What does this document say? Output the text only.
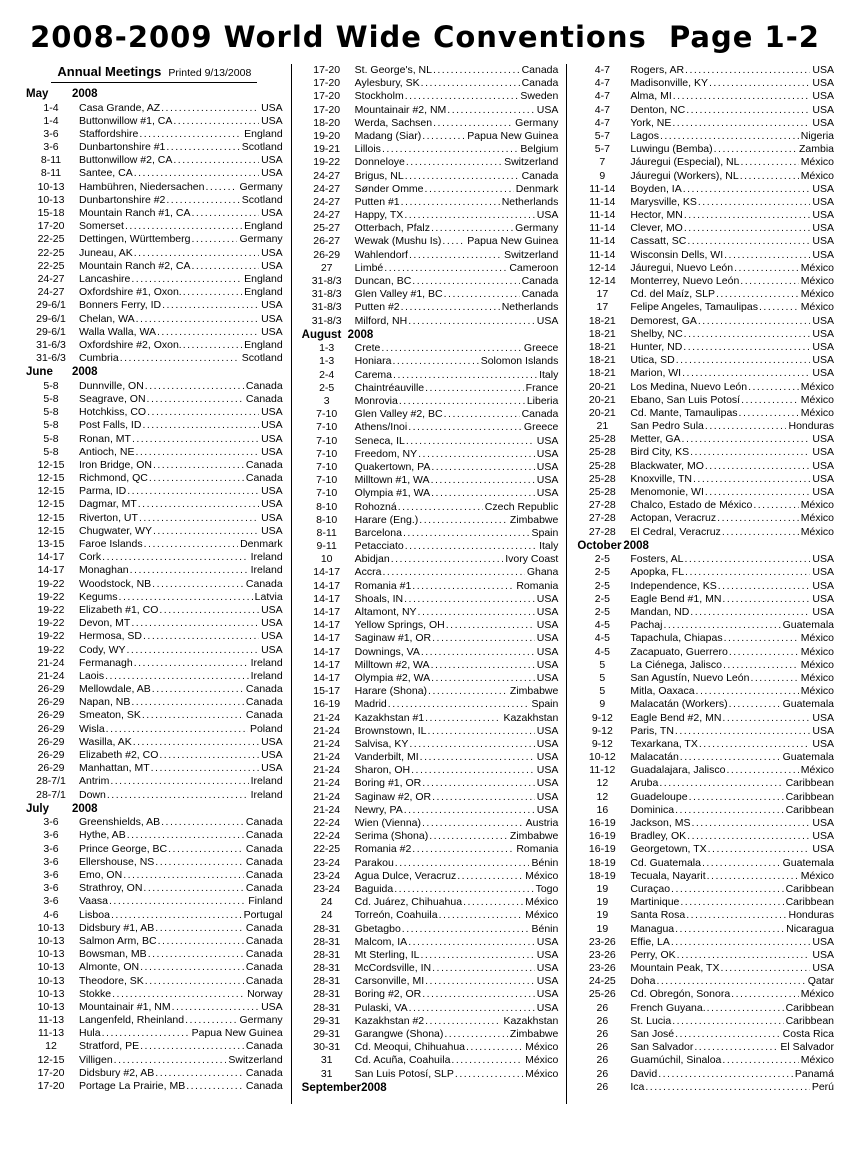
2008-2009 World Wide Conventions  Page 1-2
Annual Meetings Printed 9/13/2008
May 2008
1-4	Casa Grande, AZ .....	USA
1-4	Buttonwillow #1, CA .....	USA
3-6	Staffordshire .....	England
3-6	Dunbartonshire #1 .....	Scotland
8-11	Buttonwillow #2, CA .....	USA
8-11	Santee, CA .....	USA
10-13	Hambühren, Niedersachen .....	Germany
10-13	Dunbartonshire #2 .....	Scotland
15-18	Mountain Ranch #1, CA .....	USA
17-20	Somerset .....	England
22-25	Dettingen, Württemberg .....	Germany
22-25	Juneau, AK .....	USA
22-25	Mountain Ranch #2, CA .....	USA
24-27	Lancashire .....	England
24-27	Oxfordshire #1, Oxon. .....	England
29-6/1	Bonners Ferry, ID .....	USA
29-6/1	Chelan, WA .....	USA
29-6/1	Walla Walla, WA .....	USA
31-6/3	Oxfordshire #2, Oxon. .....	England
31-6/3	Cumbria .....	Scotland
June 2008
5-8	Dunnville, ON .....	Canada
5-8	Seagrave, ON .....	Canada
5-8	Hotchkiss, CO .....	USA
5-8	Post Falls, ID .....	USA
5-8	Ronan, MT .....	USA
5-8	Antioch, NE .....	USA
12-15	Iron Bridge, ON .....	Canada
12-15	Richmond, QC .....	Canada
12-15	Parma, ID .....	USA
12-15	Dagmar, MT .....	USA
12-15	Riverton, UT .....	USA
12-15	Chugwater, WY .....	USA
13-15	Faroe Islands .....	Denmark
14-17	Cork .....	Ireland
14-17	Monaghan .....	Ireland
19-22	Woodstock, NB .....	Canada
19-22	Kegums .....	Latvia
19-22	Elizabeth #1, CO .....	USA
19-22	Devon, MT .....	USA
19-22	Hermosa, SD .....	USA
19-22	Cody, WY .....	USA
21-24	Fermanagh .....	Ireland
21-24	Laois .....	Ireland
26-29	Mellowdale, AB .....	Canada
26-29	Napan, NB .....	Canada
26-29	Smeaton, SK .....	Canada
26-29	Wisla .....	Poland
26-29	Wasilla, AK .....	USA
26-29	Elizabeth #2, CO .....	USA
26-29	Manhattan, MT .....	USA
28-7/1	Antrim .....	Ireland
28-7/1	Down .....	Ireland
July 2008
3-6	Greenshields, AB .....	Canada
3-6	Hythe, AB .....	Canada
3-6	Prince George, BC .....	Canada
3-6	Ellershouse, NS .....	Canada
3-6	Emo, ON .....	Canada
3-6	Strathroy, ON .....	Canada
3-6	Vaasa .....	Finland
4-6	Lisboa .....	Portugal
10-13	Didsbury #1, AB .....	Canada
10-13	Salmon Arm, BC .....	Canada
10-13	Bowsman, MB .....	Canada
10-13	Almonte, ON .....	Canada
10-13	Theodore, SK .....	Canada
10-13	Stokke .....	Norway
10-13	Mountainair #1, NM .....	USA
11-13	Langenfeld, Rheinland .....	Germany
11-13	Hula .....	Papua New Guinea
12	Stratford, PE .....	Canada
12-15	Villigen .....	Switzerland
17-20	Didsbury #2, AB .....	Canada
17-20	Portage La Prairie, MB .....	Canada
17-20	St. George's, NL .....	Canada
17-20	Aylesbury, SK .....	Canada
17-20	Stockholm .....	Sweden
17-20	Mountainair #2, NM .....	USA
18-20	Werda, Sachsen .....	Germany
19-20	Madang (Siar) .....	Papua New Guinea
19-21	Lillois .....	Belgium
19-22	Donneloye .....	Switzerland
24-27	Brigus, NL .....	Canada
24-27	Sønder Omme .....	Denmark
24-27	Putten #1 .....	Netherlands
24-27	Happy, TX .....	USA
25-27	Otterbach, Pfalz .....	Germany
26-27	Wewak (Mushu Is) ..... Papua New Guinea
26-29	Wahlendorf .....	Switzerland
27	Limbé .....	Cameroon
31-8/3	Duncan, BC .....	Canada
31-8/3	Glen Valley #1, BC .....	Canada
31-8/3	Putten #2 .....	Netherlands
31-8/3	Milford, NH .....	USA
August 2008
1-3	Crete .....	Greece
1-3	Honiara .....	Solomon Islands
2-4	Carema .....	Italy
2-5	Chaintréauville .....	France
3	Monrovia .....	Liberia
7-10	Glen Valley #2, BC .....	Canada
7-10	Athens/Inoi .....	Greece
7-10	Seneca, IL .....	USA
7-10	Freedom, NY .....	USA
7-10	Quakertown, PA .....	USA
7-10	Milltown #1, WA .....	USA
7-10	Olympia #1, WA .....	USA
8-10	Rohozná .....	Czech Republic
8-10	Harare (Eng.) .....	Zimbabwe
8-11	Barcelona .....	Spain
9-11	Petacciato .....	Italy
10	Abidjan .....	Ivory Coast
14-17	Accra .....	Ghana
14-17	Romania #1 .....	Romania
14-17	Shoals, IN .....	USA
14-17	Altamont, NY .....	USA
14-17	Yellow Springs, OH .....	USA
14-17	Saginaw #1, OR .....	USA
14-17	Downings, VA .....	USA
14-17	Milltown #2, WA .....	USA
14-17	Olympia #2, WA .....	USA
15-17	Harare (Shona) .....	Zimbabwe
16-19	Madrid .....	Spain
21-24	Kazakhstan #1 .....	Kazakhstan
21-24	Brownstown, IL .....	USA
21-24	Salvisa, KY .....	USA
21-24	Vanderbilt, MI .....	USA
21-24	Sharon, OH .....	USA
21-24	Boring #1, OR .....	USA
21-24	Saginaw #2, OR .....	USA
21-24	Newry, PA .....	USA
22-24	Wien (Vienna) .....	Austria
22-24	Serima (Shona) .....	Zimbabwe
22-25	Romania #2 .....	Romania
23-24	Parakou .....	Bénin
23-24	Agua Dulce, Veracruz .....	México
23-24	Baguida .....	Togo
24	Cd. Juárez, Chihuahua .....	México
24	Torreón, Coahuila .....	México
28-31	Gbetagbo .....	Bénin
28-31	Malcom, IA .....	USA
28-31	Mt Sterling, IL .....	USA
28-31	McCordsville, IN .....	USA
28-31	Carsonville, MI .....	USA
28-31	Boring #2, OR .....	USA
28-31	Pulaski, VA .....	USA
29-31	Kazakhstan #2 .....	Kazakhstan
29-31	Garangwe (Shona) .....	Zimbabwe
30-31	Cd. Meoqui, Chihuahua .....	México
31	Cd. Acuña, Coahuila .....	México
31	San Luis Potosí, SLP .....	México
September2008
4-7	Rogers, AR .....	USA
4-7	Madisonville, KY .....	USA
4-7	Alma, MI .....	USA
4-7	Denton, NC .....	USA
4-7	York, NE .....	USA
5-7	Lagos .....	Nigeria
5-7	Luwingu (Bemba) .....	Zambia
7	Jáuregui (Especial), NL .....	México
9	Jáuregui (Workers), NL .....	México
11-14	Boyden, IA .....	USA
11-14	Marysville, KS .....	USA
11-14	Hector, MN .....	USA
11-14	Clever, MO .....	USA
11-14	Cassatt, SC .....	USA
11-14	Wisconsin Dells, WI .....	USA
12-14	Jáuregui, Nuevo León .....	México
12-14	Monterrey, Nuevo León .....	México
17	Cd. del Maíz, SLP .....	México
17	Felipe Angeles, Tamaulipas .....	México
18-21	Demorest, GA .....	USA
18-21	Shelby, NC .....	USA
18-21	Hunter, ND .....	USA
18-21	Utica, SD .....	USA
18-21	Marion, WI .....	USA
20-21	Los Medina, Nuevo León .....	México
20-21	Ebano, San Luis Potosí .....	México
20-21	Cd. Mante, Tamaulipas .....	México
21	San Pedro Sula .....	Honduras
25-28	Metter, GA .....	USA
25-28	Bird City, KS .....	USA
25-28	Blackwater, MO .....	USA
25-28	Knoxville, TN .....	USA
25-28	Menomonie, WI .....	USA
27-28	Chalco, Estado de México .....	México
27-28	Actopan, Veracruz .....	México
27-28	El Cedral, Veracruz .....	México
October 2008
2-5	Fosters, AL .....	USA
2-5	Apopka, FL .....	USA
2-5	Independence, KS .....	USA
2-5	Eagle Bend #1, MN .....	USA
2-5	Mandan, ND .....	USA
4-5	Pachaj .....	Guatemala
4-5	Tapachula, Chiapas .....	México
4-5	Zacapuato, Guerrero .....	México
5	La Ciénega, Jalisco .....	México
5	San Agustín, Nuevo León .....	México
5	Mitla, Oaxaca .....	México
9	Malacatán (Workers) .....	Guatemala
9-12	Eagle Bend #2, MN .....	USA
9-12	Paris, TN .....	USA
9-12	Texarkana, TX .....	USA
10-12	Malacatán .....	Guatemala
11-12	Guadalajara, Jalisco .....	México
12	Aruba .....	Caribbean
12	Guadeloupe .....	Caribbean
16	Dominica .....	Caribbean
16-19	Jackson, MS .....	USA
16-19	Bradley, OK .....	USA
16-19	Georgetown, TX .....	USA
18-19	Cd. Guatemala .....	Guatemala
18-19	Tecuala, Nayarit .....	México
19	Curaçao .....	Caribbean
19	Martinique .....	Caribbean
19	Santa Rosa .....	Honduras
19	Managua .....	Nicaragua
23-26	Effie, LA .....	USA
23-26	Perry, OK .....	USA
23-26	Mountain Peak, TX .....	USA
24-25	Doha .....	Qatar
25-26	Cd. Obregón, Sonora .....	México
26	French Guyana. .....	Caribbean
26	St. Lucia .....	Caribbean
26	San José .....	Costa Rica
26	San Salvador .....	El Salvador
26	Guamúchil, Sinaloa .....	México
26	David .....	Panamá
26	Ica .....	Perú
